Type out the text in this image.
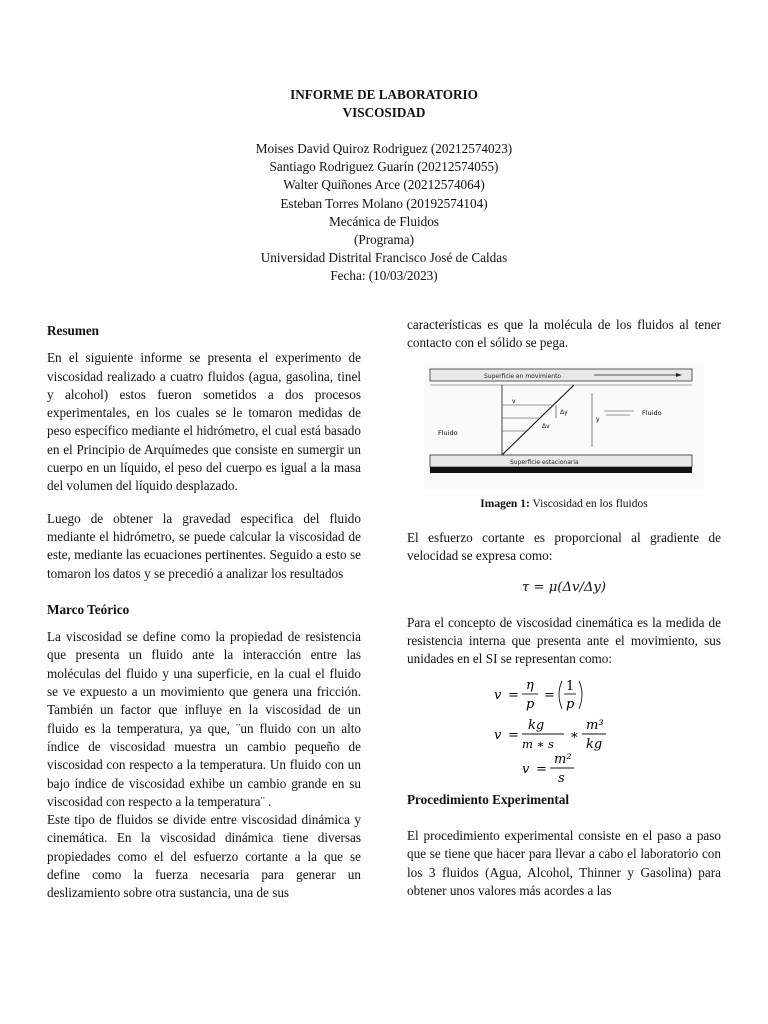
INFORME DE LABORATORIO
VISCOSIDAD
Moises David Quiroz Rodriguez (20212574023)
Santiago Rodriguez Guarín (20212574055)
Walter Quiñones Arce (20212574064)
Esteban Torres Molano (20192574104)
Mecánica de Fluidos
(Programa)
Universidad Distrital Francisco José de Caldas
Fecha: (10/03/2023)

Resumen

En el siguiente informe se presenta el experimento de viscosidad realizado a cuatro fluidos (agua, gasolina, tinel y alcohol) estos fueron sometidos a dos procesos experimentales, en los cuales se le tomaron medidas de peso específico mediante el hidrómetro, el cual está basado en el Principio de Arquímedes que consiste en sumergir un cuerpo en un líquido, el peso del cuerpo es igual a la masa del volumen del líquido desplazado.

Luego de obtener la gravedad especifica del fluido mediante el hidrómetro, se puede calcular la viscosidad de este, mediante las ecuaciones pertinentes. Seguido a esto se tomaron los datos y se precedió a analizar los resultados

Marco Teórico

La viscosidad se define como la propiedad de resistencia que presenta un fluido ante la interacción entre las moléculas del fluido y una superficie, en la cual el fluido se ve expuesto a un movimiento que genera una fricción. También un factor que influye en la viscosidad de un fluido es la temperatura, ya que, ¨un fluido con un alto índice de viscosidad muestra un cambio pequeño de viscosidad con respecto a la temperatura. Un fluido con un bajo índice de viscosidad exhibe un cambio grande en su viscosidad con respecto a la temperatura¨ .

Este tipo de fluidos se divide entre viscosidad dinámica y cinemática. En la viscosidad dinámica tiene diversas propiedades como el del esfuerzo cortante a la que se define como la fuerza necesaria para generar un deslizamiento sobre otra sustancia, una de sus

características es que la molécula de los fluidos al tener contacto con el sólido se pega.

Superficie en movimiento
v
Δy
Δv
y
Fluido
Fluido
Superficie estacionaria
Imagen 1: Viscosidad en los fluidos

El esfuerzo cortante es proporcional al gradiente de velocidad se expresa como:

τ = μ(Δv/Δy)

Para el concepto de viscosidad cinemática es la medida de resistencia interna que presenta ante el movimiento, sus unidades en el SI se representan como:

v =
η
p
=
1
p
v =
kg
m ∗ s
∗
m³
kg
v =
m²
s

Procedimiento Experimental

El procedimiento experimental consiste en el paso a paso que se tiene que hacer para llevar a cabo el laboratorio con los 3 fluidos (Agua, Alcohol, Thinner y Gasolina) para obtener unos valores más acordes a las
